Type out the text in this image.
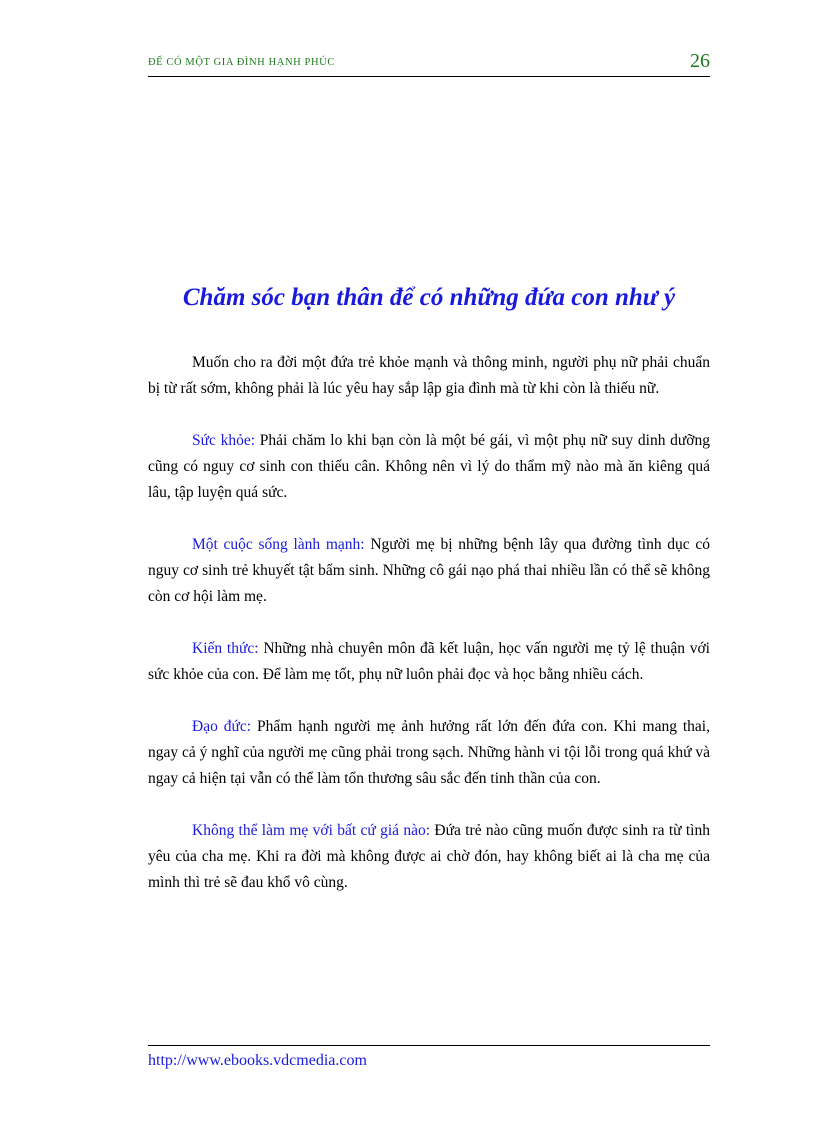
ĐỂ CÓ MỘT GIA ĐÌNH HẠNH PHÚC	26
Chăm sóc bạn thân để có những đứa con như ý

Muốn cho ra đời một đứa trẻ khỏe mạnh và thông minh, người phụ nữ phải chuẩn bị từ rất sớm, không phải là lúc yêu hay sắp lập gia đình mà từ khi còn là thiếu nữ.

Sức khỏe: Phải chăm lo khi bạn còn là một bé gái, vì một phụ nữ suy dinh dưỡng cũng có nguy cơ sinh con thiếu cân. Không nên vì lý do thẩm mỹ nào mà ăn kiêng quá lâu, tập luyện quá sức.

Một cuộc sống lành mạnh: Người mẹ bị những bệnh lây qua đường tình dục có nguy cơ sinh trẻ khuyết tật bẩm sinh. Những cô gái nạo phá thai nhiều lần có thể sẽ không còn cơ hội làm mẹ.

Kiến thức: Những nhà chuyên môn đã kết luận, học vấn người mẹ tỷ lệ thuận với sức khỏe của con. Để làm mẹ tốt, phụ nữ luôn phải đọc và học bằng nhiều cách.

Đạo đức: Phẩm hạnh người mẹ ảnh hưởng rất lớn đến đứa con. Khi mang thai, ngay cả ý nghĩ của người mẹ cũng phải trong sạch. Những hành vi tội lỗi trong quá khứ và ngay cả hiện tại vẫn có thể làm tổn thương sâu sắc đến tinh thần của con.

Không thể làm mẹ với bất cứ giá nào: Đứa trẻ nào cũng muốn được sinh ra từ tình yêu của cha mẹ. Khi ra đời mà không được ai chờ đón, hay không biết ai là cha mẹ của mình thì trẻ sẽ đau khổ vô cùng.

http://www.ebooks.vdcmedia.com
